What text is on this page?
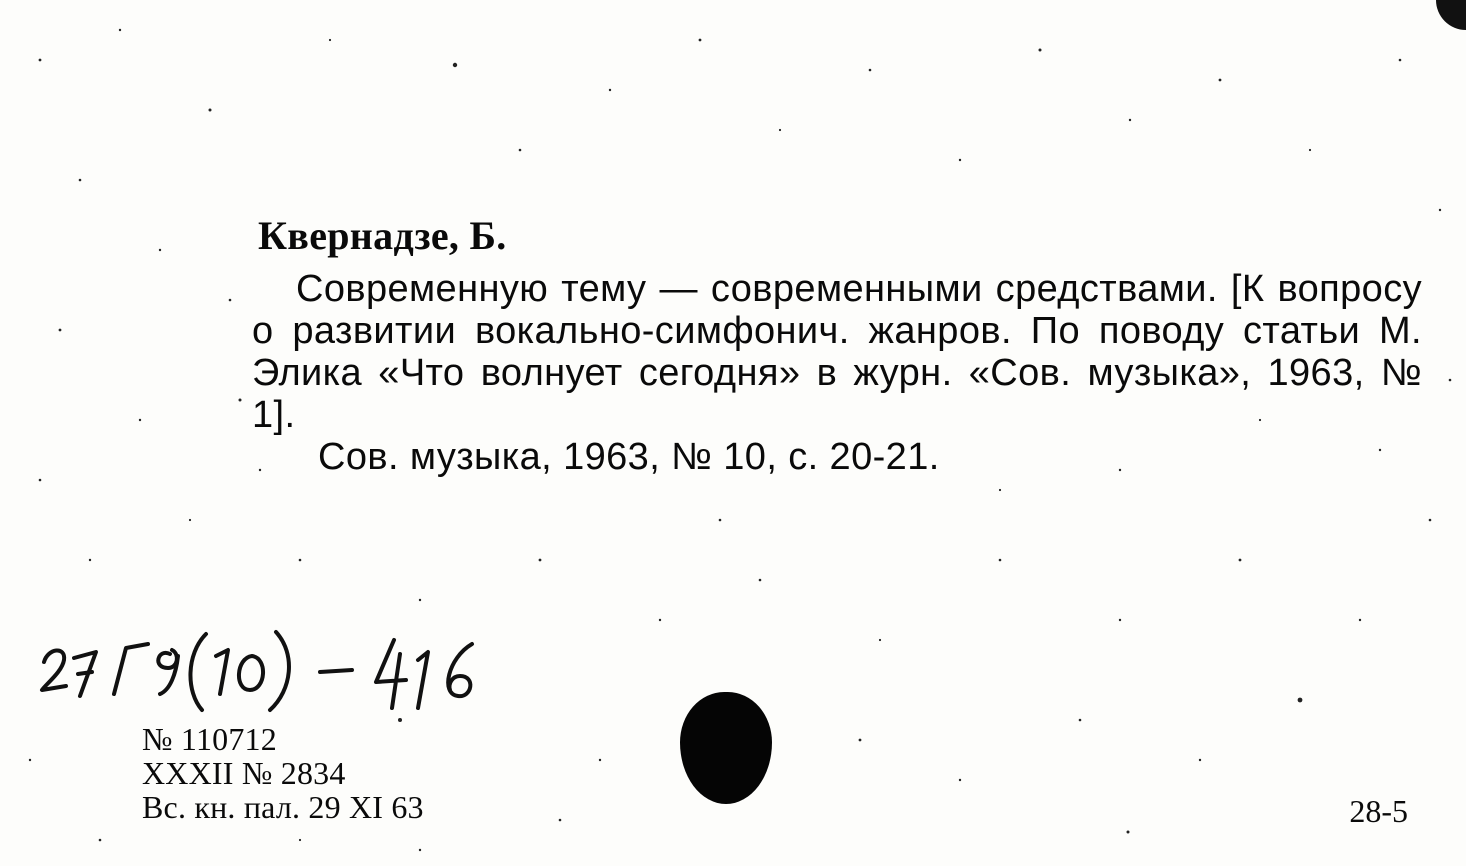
Квернадзе, Б.

Современную тему — современными средствами. [К вопросу о развитии вокально-симфонич. жанров. По поводу статьи М. Элика «Что волнует сегодня» в журн. «Сов. музыка», 1963, № 1].

Сов. музыка, 1963, № 10, с. 20-21.

№ 110712
XXXII № 2834
Вс. кн. пал. 29 XI 63	28-5
